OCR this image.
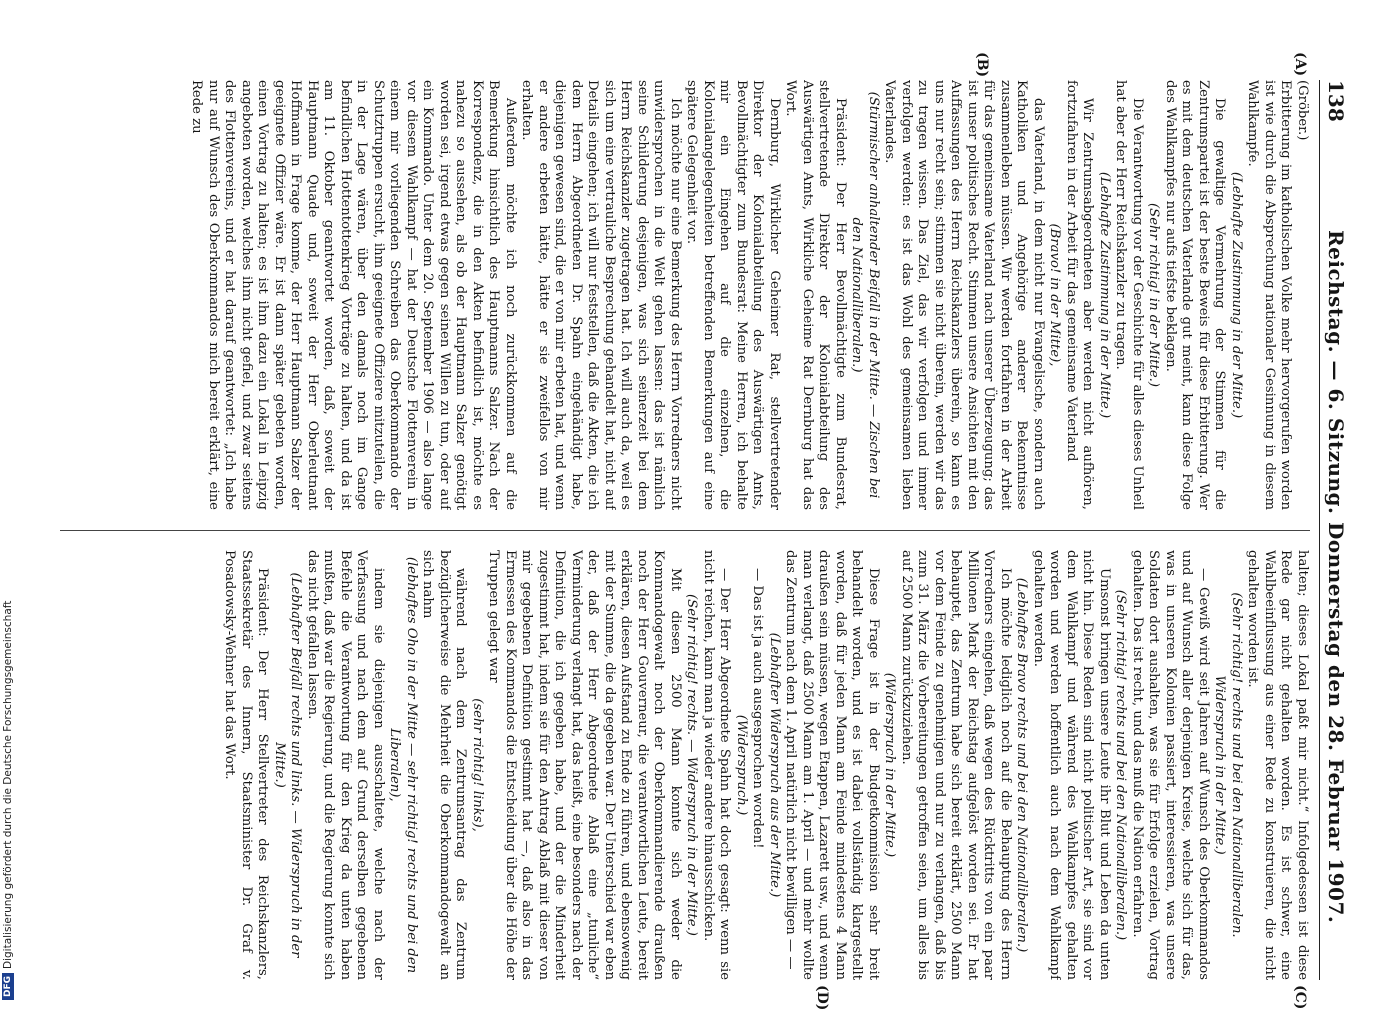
138
Reichstag. — 6. Sitzung. Donnerstag den 28. Februar 1907.
(A)
(B)
(C)
(D)

(Gröber.)

Erbitterung im katholischen Volke mehr hervorgerufen worden ist wie durch die Absprechung nationaler Gesinnung in diesem Wahlkampfe.

(Lebhafte Zustimmung in der Mitte.)

Die gewaltige Vermehrung der Stimmen für die Zentrumspartei ist der beste Beweis für diese Erbitterung. Wer es mit dem deutschen Vaterlande gut meint, kann diese Folge des Wahlkampfes nur aufs tiefste beklagen.

(Sehr richtig! in der Mitte.)

Die Verantwortung vor der Geschichte für alles dieses Unheil hat aber der Herr Reichskanzler zu tragen.

(Lebhafte Zustimmung in der Mitte.)

Wir Zentrumsabgeordneten aber werden nicht aufhören, fortzufahren in der Arbeit für das gemeinsame Vaterland

(Bravo! in der Mitte),

das Vaterland, in dem nicht nur Evangelische, sondern auch Katholiken und Angehörige anderer Bekenntnisse zusammenleben müssen. Wir werden fortfahren in der Arbeit für das gemeinsame Vaterland nach unserer Überzeugung; das ist unser politisches Recht. Stimmen unsere Ansichten mit den Auffassungen des Herrn Reichskanzlers überein, so kann es uns nur recht sein; stimmen sie nicht überein, werden wir das zu tragen wissen. Das Ziel, das wir verfolgen und immer verfolgen werden: es ist das Wohl des gemeinsamen lieben Vaterlandes.

(Stürmischer anhaltender Beifall in der Mitte. — Zischen bei den Nationalliberalen.)

Präsident: Der Herr Bevollmächtigte zum Bundesrat, stellvertretende Direktor der Kolonialabteilung des Auswärtigen Amts, Wirkliche Geheime Rat Dernburg hat das Wort.

Dernburg, Wirklicher Geheimer Rat, stellvertretender Direktor der Kolonialabteilung des Auswärtigen Amts, Bevollmächtigter zum Bundesrat: Meine Herren, ich behalte mir ein Eingehen auf die einzelnen, die Kolonialangelegenheiten betreffenden Bemerkungen auf eine spätere Gelegenheit vor.

Ich möchte nur eine Bemerkung des Herrn Vorredners nicht unwidersprochen in die Welt gehen lassen: das ist nämlich seine Schilderung desjenigen, was sich seinerzeit bei dem Herrn Reichskanzler zugetragen hat. Ich will auch da, weil es sich um eine vertrauliche Besprechung gehandelt hat, nicht auf Details eingehen; ich will nur feststellen, daß die Akten, die ich dem Herrn Abgeordneten Dr. Spahn eingehändigt habe, diejenigen gewesen sind, die er von mir erbeten hat, und wenn er andere erbeten hätte, hätte er sie zweifellos von mir erhalten.

Außerdem möchte ich noch zurückkommen auf die Bemerkung hinsichtlich des Hauptmanns Salzer. Nach der Korrespondenz, die in den Akten befindlich ist, möchte es nahezu so aussehen, als ob der Hauptmann Salzer genötigt worden sei, irgend etwas gegen seinen Willen zu tun, oder auf ein Kommando. Unter dem 20. September 1906 — also lange vor diesem Wahlkampf — hat der Deutsche Flottenverein in einem mir vorliegenden Schreiben das Oberkommando der Schutztruppen ersucht, ihm geeignete Offiziere mitzuteilen, die in der Lage wären, über den damals noch im Gange befindlichen Hottentottenkrieg Vorträge zu halten, und da ist am 11. Oktober geantwortet worden, daß, soweit der Hauptmann Quade und, soweit der Herr Oberleutnant Hoffmann in Frage komme, der Herr Hauptmann Salzer der geeignete Offizier wäre. Er ist dann später gebeten worden, einen Vortrag zu halten; es ist ihm dazu ein Lokal in Leipzig angeboten worden, welches ihm nicht gefiel, und zwar seitens des Flottenvereins, und er hat darauf geantwortet: „Ich habe nur auf Wunsch des Oberkommandos mich bereit erklärt, eine Rede zu

halten; dieses Lokal paßt mir nicht.“ Infolgedessen ist diese Rede gar nicht gehalten worden. Es ist schwer, eine Wahlbeeinflussung aus einer Rede zu konstruieren, die nicht gehalten worden ist.

(Sehr richtig! rechts und bei den Nationalliberalen. Widerspruch in der Mitte.)

— Gewiß wird seit Jahren auf Wunsch des Oberkommandos und auf Wunsch aller derjenigen Kreise, welche sich für das, was in unseren Kolonien passiert, interessieren, was unsere Soldaten dort aushalten, was sie für Erfolge erzielen, Vortrag gehalten. Das ist recht, und das muß die Nation erfahren.

(Sehr richtig! rechts und bei den Nationalliberalen.)

Umsonst bringen unsere Leute ihr Blut und Leben da unten nicht hin. Diese Reden sind nicht politischer Art, sie sind vor dem Wahlkampf und während des Wahlkampfes gehalten worden und werden hoffentlich auch nach dem Wahlkampf gehalten werden.

(Lebhaftes Bravo rechts und bei den Nationalliberalen.)

Ich möchte lediglich noch auf die Behauptung des Herrn Vorredners eingehen, daß wegen des Rücktritts von ein paar Millionen Mark der Reichstag aufgelöst worden sei. Er hat behauptet, das Zentrum habe sich bereit erklärt, 2500 Mann vor dem Feinde zu genehmigen und nur zu verlangen, daß bis zum 31. März die Vorbereitungen getroffen seien, um alles bis auf 2500 Mann zurückzuziehen.

(Widerspruch in der Mitte.)

Diese Frage ist in der Budgetkommission sehr breit behandelt worden, und es ist dabei vollständig klargestellt worden, daß für jeden Mann am Feinde mindestens 4 Mann draußen sein müssen, wegen Etappen, Lazarett usw., und wenn man verlangt, daß 2500 Mann am 1. April — und mehr wollte das Zentrum nach dem 1. April natürlich nicht bewilligen — —

(Lebhafter Widerspruch aus der Mitte.)

— Das ist ja auch ausgesprochen worden!

(Widerspruch.)

— Der Herr Abgeordnete Spahn hat doch gesagt: wenn sie nicht reichen, kann man ja wieder andere hinausschicken.

(Sehr richtig! rechts. — Widerspruch in der Mitte.)

Mit diesen 2500 Mann konnte sich weder die Kommandogewalt noch der Oberkommandierende draußen noch der Herr Gouverneur, die verantwortlichen Leute, bereit erklären, diesen Aufstand zu Ende zu führen, und ebensowenig mit der Summe, die da gegeben war. Der Unterschied war eben der, daß der Herr Abgeordnete Ablaß eine „tunliche“ Verminderung verlangt hat, das heißt, eine besonders nach der Definition, die ich gegeben habe, und der die Minderheit zugestimmt hat, indem sie für den Antrag Ablaß mit dieser von mir gegebenen Definition gestimmt hat —, daß also in das Ermessen des Kommandos die Entscheidung über die Höhe der Truppen gelegt war

(sehr richtig! links),

während nach dem Zentrumsantrag das Zentrum bezüglicherweise die Mehrheit die Oberkommandogewalt an sich nahm

(lebhaftes Oho in der Mitte — sehr richtig! rechts und bei den Liberalen),

indem sie diejenigen ausschaltete, welche nach der Verfassung und nach dem auf Grund derselben gegebenen Befehle die Verantwortung für den Krieg da unten haben mußten, daß war die Regierung, und die Regierung konnte sich das nicht gefallen lassen.

(Lebhafter Beifall rechts und links. — Widerspruch in der Mitte.)

Präsident: Der Herr Stellvertreter des Reichskanzlers, Staatssekretär des Innern, Staatsminister Dr. Graf v. Posadowsky-Wehner hat das Wort.

DFG
Digitalisierung gefördert durch die Deutsche Forschungsgemeinschaft
